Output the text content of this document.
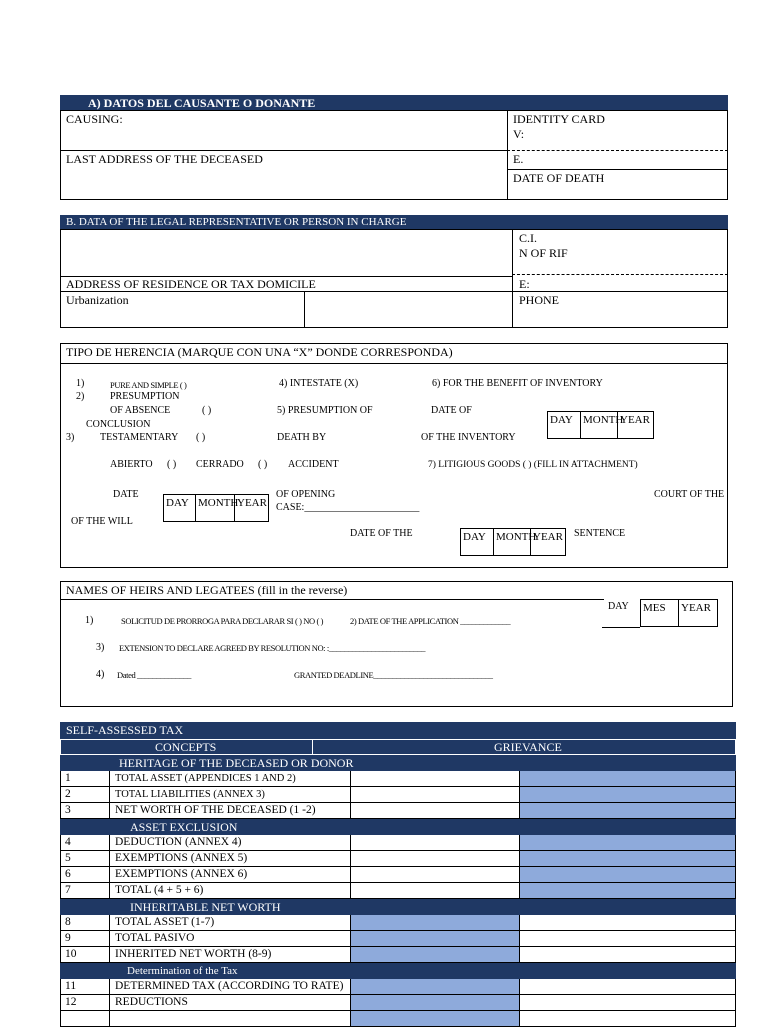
A) DATOS DEL CAUSANTE O DONANTE
CAUSING:	IDENTITY CARD
V:
LAST ADDRESS OF THE DECEASED	E.
DATE OF DEATH
B. DATA OF THE LEGAL REPRESENTATIVE OR PERSON IN CHARGE
C.I.
N OF RIF
ADDRESS OF RESIDENCE OR TAX DOMICILE	E:
Urbanization	PHONE
TIPO DE HERENCIA (MARQUE CON UNA “X” DONDE CORRESPONDA)
1)	PURE AND SIMPLE ( )
2)	PRESUMPTION
OF ABSENCE	( )
CONCLUSION
3)	TESTAMENTARY ( )
4) INTESTATE (X)
5) PRESUMPTION OF
DEATH BY
6) FOR THE BENEFIT OF INVENTORY
DATE OF
OF THE INVENTORY
DAY MONTH
YEAR
ABIERTO ( ) CERRADO ( ) ACCIDENT	7) LITIGIOUS GOODS ( ) (FILL IN ATTACHMENT)
DATE
DAY MONTH
YEAR
OF OPENING
CASE:_______________________
COURT OF THE
OF THE WILL
DATE OF THE	DAY MONTH
YEAR SENTENCE
NAMES OF HEIRS AND LEGATEES (fill in the reverse)
DAY MES	YEAR
1)	SOLICITUD DE PRORROGA PARA DECLARAR SI ( ) NO ( )	2) DATE OF THE APPLICATION _____________
3) EXTENSION TO DECLARE AGREED BY RESOLUTION NO: :_________________________
4) Dated ______________	GRANTED DEADLINE_______________________________
SELF-ASSESSED TAX
CONCEPTS	GRIEVANCE
HERITAGE OF THE DECEASED OR DONOR
1	TOTAL ASSET (APPENDICES 1 AND 2)
2	TOTAL LIABILITIES (ANNEX 3)
3	NET WORTH OF THE DECEASED (1 -2)
ASSET EXCLUSION
4	DEDUCTION (ANNEX 4)
5	EXEMPTIONS (ANNEX 5)
6	EXEMPTIONS (ANNEX 6)
7	TOTAL (4 + 5 + 6)
INHERITABLE NET WORTH
8	TOTAL ASSET (1-7)
9	TOTAL PASIVO
10	INHERITED NET WORTH (8-9)
Determination of the Tax
11	DETERMINED TAX (ACCORDING TO RATE)
12	REDUCTIONS
